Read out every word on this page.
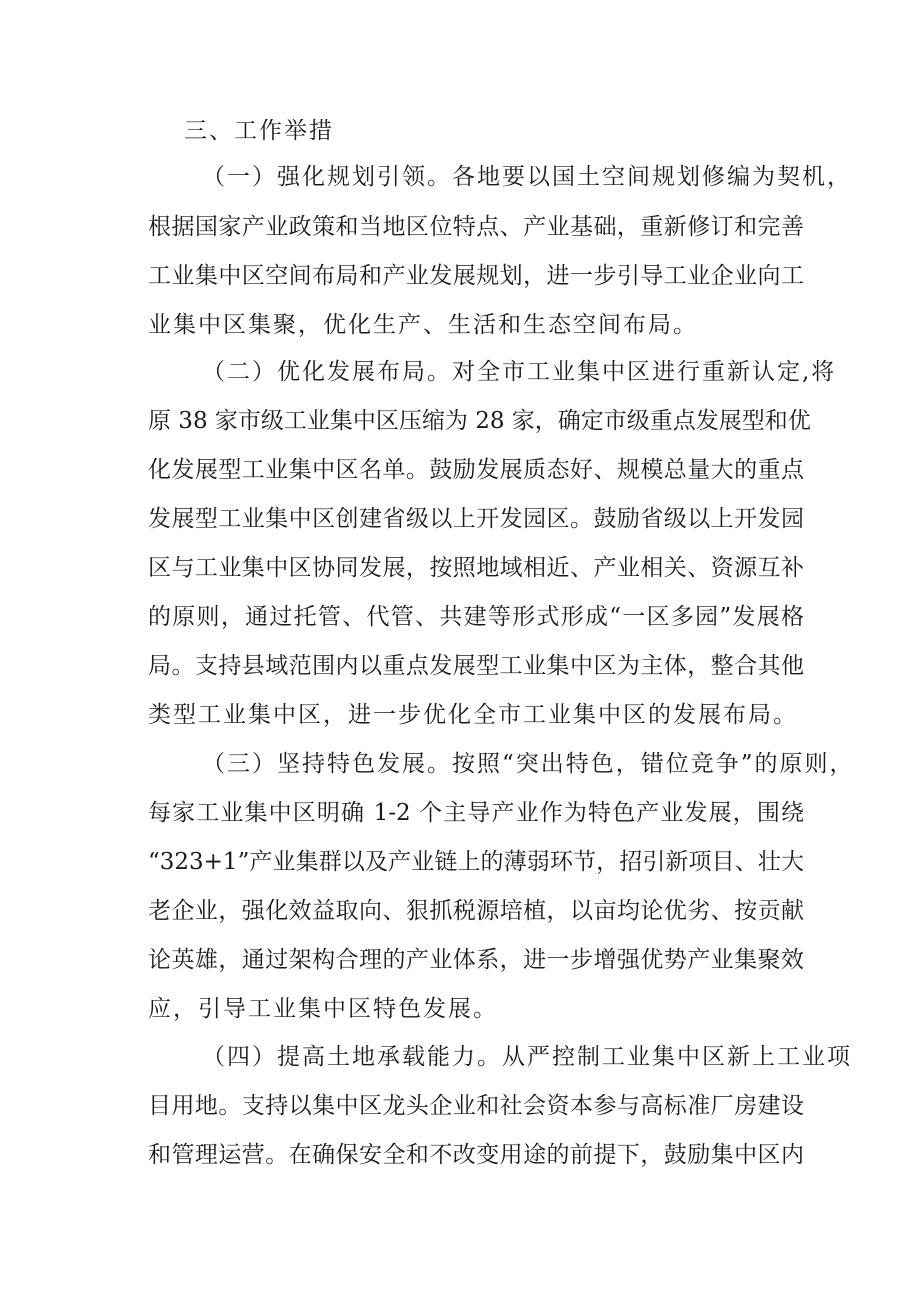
三、工作举措
（一）强化规划引领。各地要以国土空间规划修编为契机，
根据国家产业政策和当地区位特点、产业基础，重新修订和完善
工业集中区空间布局和产业发展规划，进一步引导工业企业向工
业集中区集聚，优化生产、生活和生态空间布局。
（二）优化发展布局。对全市工业集中区进行重新认定,将
原 38 家市级工业集中区压缩为 28 家，确定市级重点发展型和优
化发展型工业集中区名单。鼓励发展质态好、规模总量大的重点
发展型工业集中区创建省级以上开发园区。鼓励省级以上开发园
区与工业集中区协同发展，按照地域相近、产业相关、资源互补
的原则，通过托管、代管、共建等形式形成“一区多园”发展格
局。支持县域范围内以重点发展型工业集中区为主体，整合其他
类型工业集中区，进一步优化全市工业集中区的发展布局。
（三）坚持特色发展。按照“突出特色，错位竞争”的原则，
每家工业集中区明确 1-2 个主导产业作为特色产业发展，围绕
“323+1”产业集群以及产业链上的薄弱环节，招引新项目、壮大
老企业，强化效益取向、狠抓税源培植，以亩均论优劣、按贡献
论英雄，通过架构合理的产业体系，进一步增强优势产业集聚效
应，引导工业集中区特色发展。
（四）提高土地承载能力。从严控制工业集中区新上工业项
目用地。支持以集中区龙头企业和社会资本参与高标准厂房建设
和管理运营。在确保安全和不改变用途的前提下，鼓励集中区内
